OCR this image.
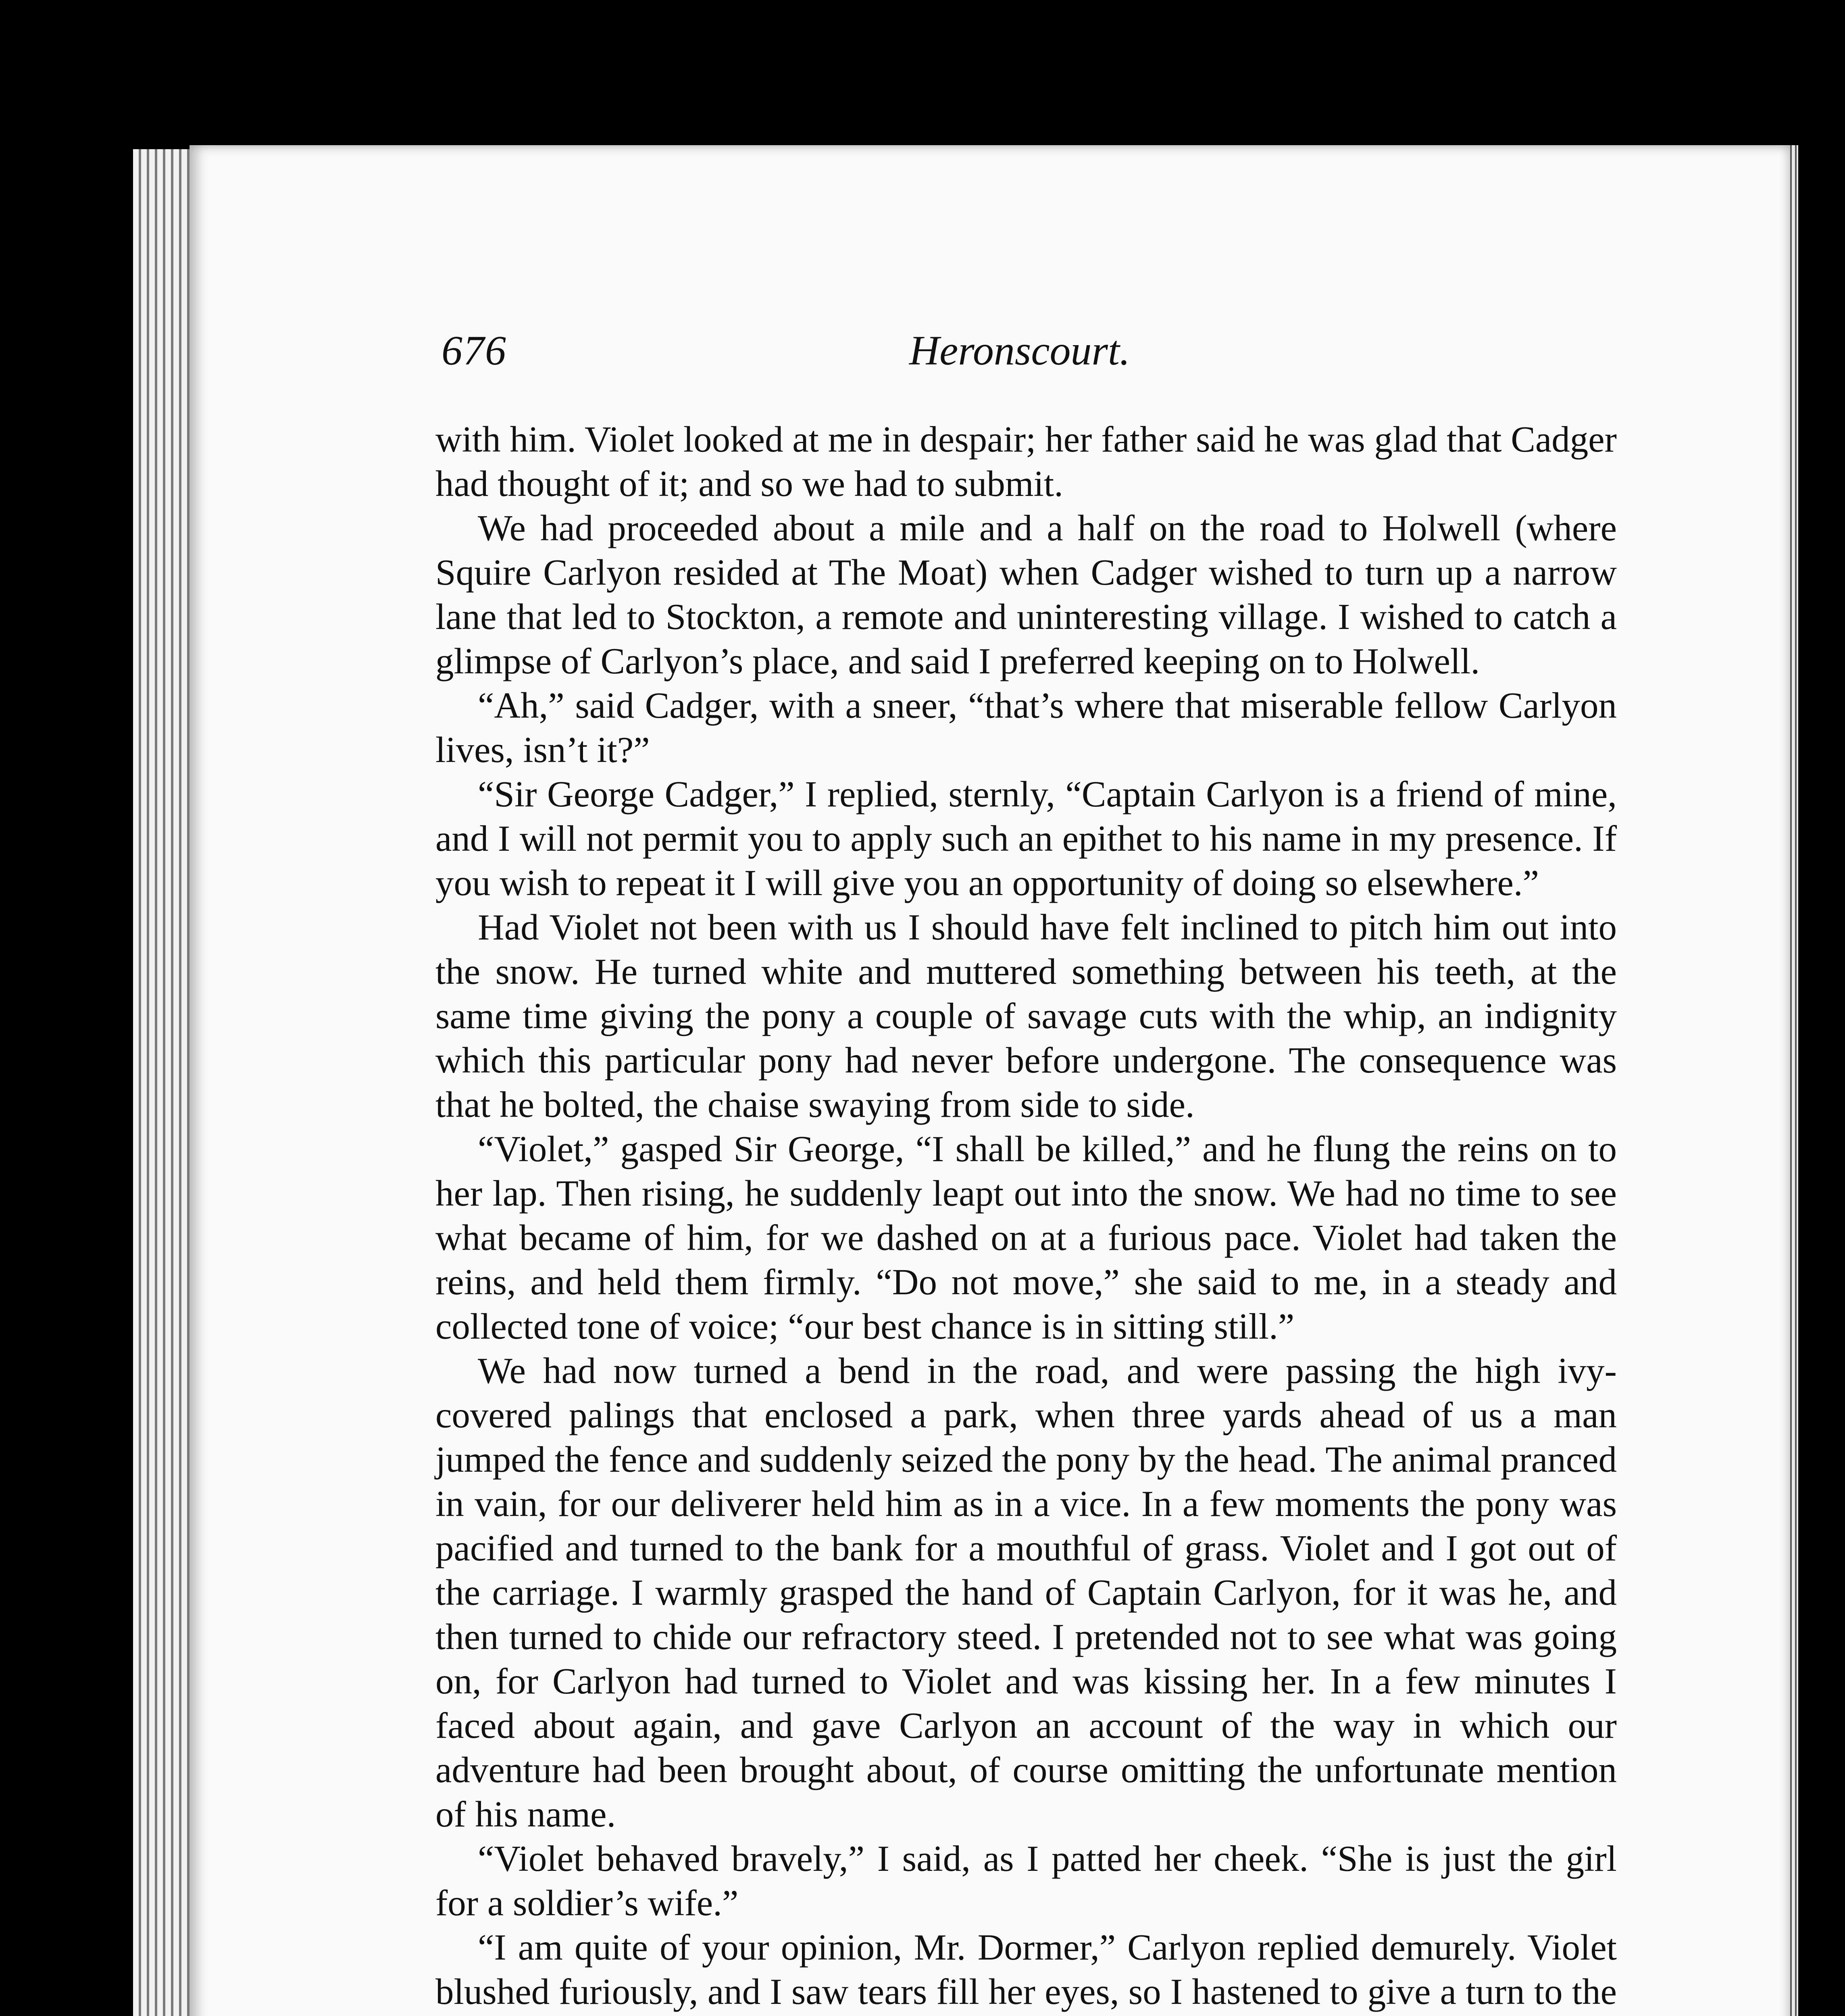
676	Heronscourt.

with him. Violet looked at me in despair; her father said he was glad that Cadger had thought of it; and so we had to submit.

We had proceeded about a mile and a half on the road to Holwell (where Squire Carlyon resided at The Moat) when Cadger wished to turn up a narrow lane that led to Stockton, a remote and uninteresting village. I wished to catch a glimpse of Carlyon’s place, and said I preferred keeping on to Holwell.

“Ah,” said Cadger, with a sneer, “that’s where that miserable fellow Carlyon lives, isn’t it?”

“Sir George Cadger,” I replied, sternly, “Captain Carlyon is a friend of mine, and I will not permit you to apply such an epithet to his name in my presence. If you wish to repeat it I will give you an opportunity of doing so elsewhere.”

Had Violet not been with us I should have felt inclined to pitch him out into the snow. He turned white and muttered something between his teeth, at the same time giving the pony a couple of savage cuts with the whip, an indignity which this particular pony had never before undergone. The consequence was that he bolted, the chaise swaying from side to side.

“Violet,” gasped Sir George, “I shall be killed,” and he flung the reins on to her lap. Then rising, he suddenly leapt out into the snow. We had no time to see what became of him, for we dashed on at a furious pace. Violet had taken the reins, and held them firmly. “Do not move,” she said to me, in a steady and collected tone of voice; “our best chance is in sitting still.”

We had now turned a bend in the road, and were passing the high ivy-covered palings that enclosed a park, when three yards ahead of us a man jumped the fence and suddenly seized the pony by the head. The animal pranced in vain, for our deliverer held him as in a vice. In a few moments the pony was pacified and turned to the bank for a mouthful of grass. Violet and I got out of the carriage. I warmly grasped the hand of Captain Carlyon, for it was he, and then turned to chide our refractory steed. I pretended not to see what was going on, for Carlyon had turned to Violet and was kissing her. In a few minutes I faced about again, and gave Carlyon an account of the way in which our adventure had been brought about, of course omitting the unfortunate mention of his name.

“Violet behaved bravely,” I said, as I patted her cheek. “She is just the girl for a soldier’s wife.”

“I am quite of your opinion, Mr. Dormer,” Carlyon replied demurely. Violet blushed furiously, and I saw tears fill her eyes, so I hastened to give a turn to the
